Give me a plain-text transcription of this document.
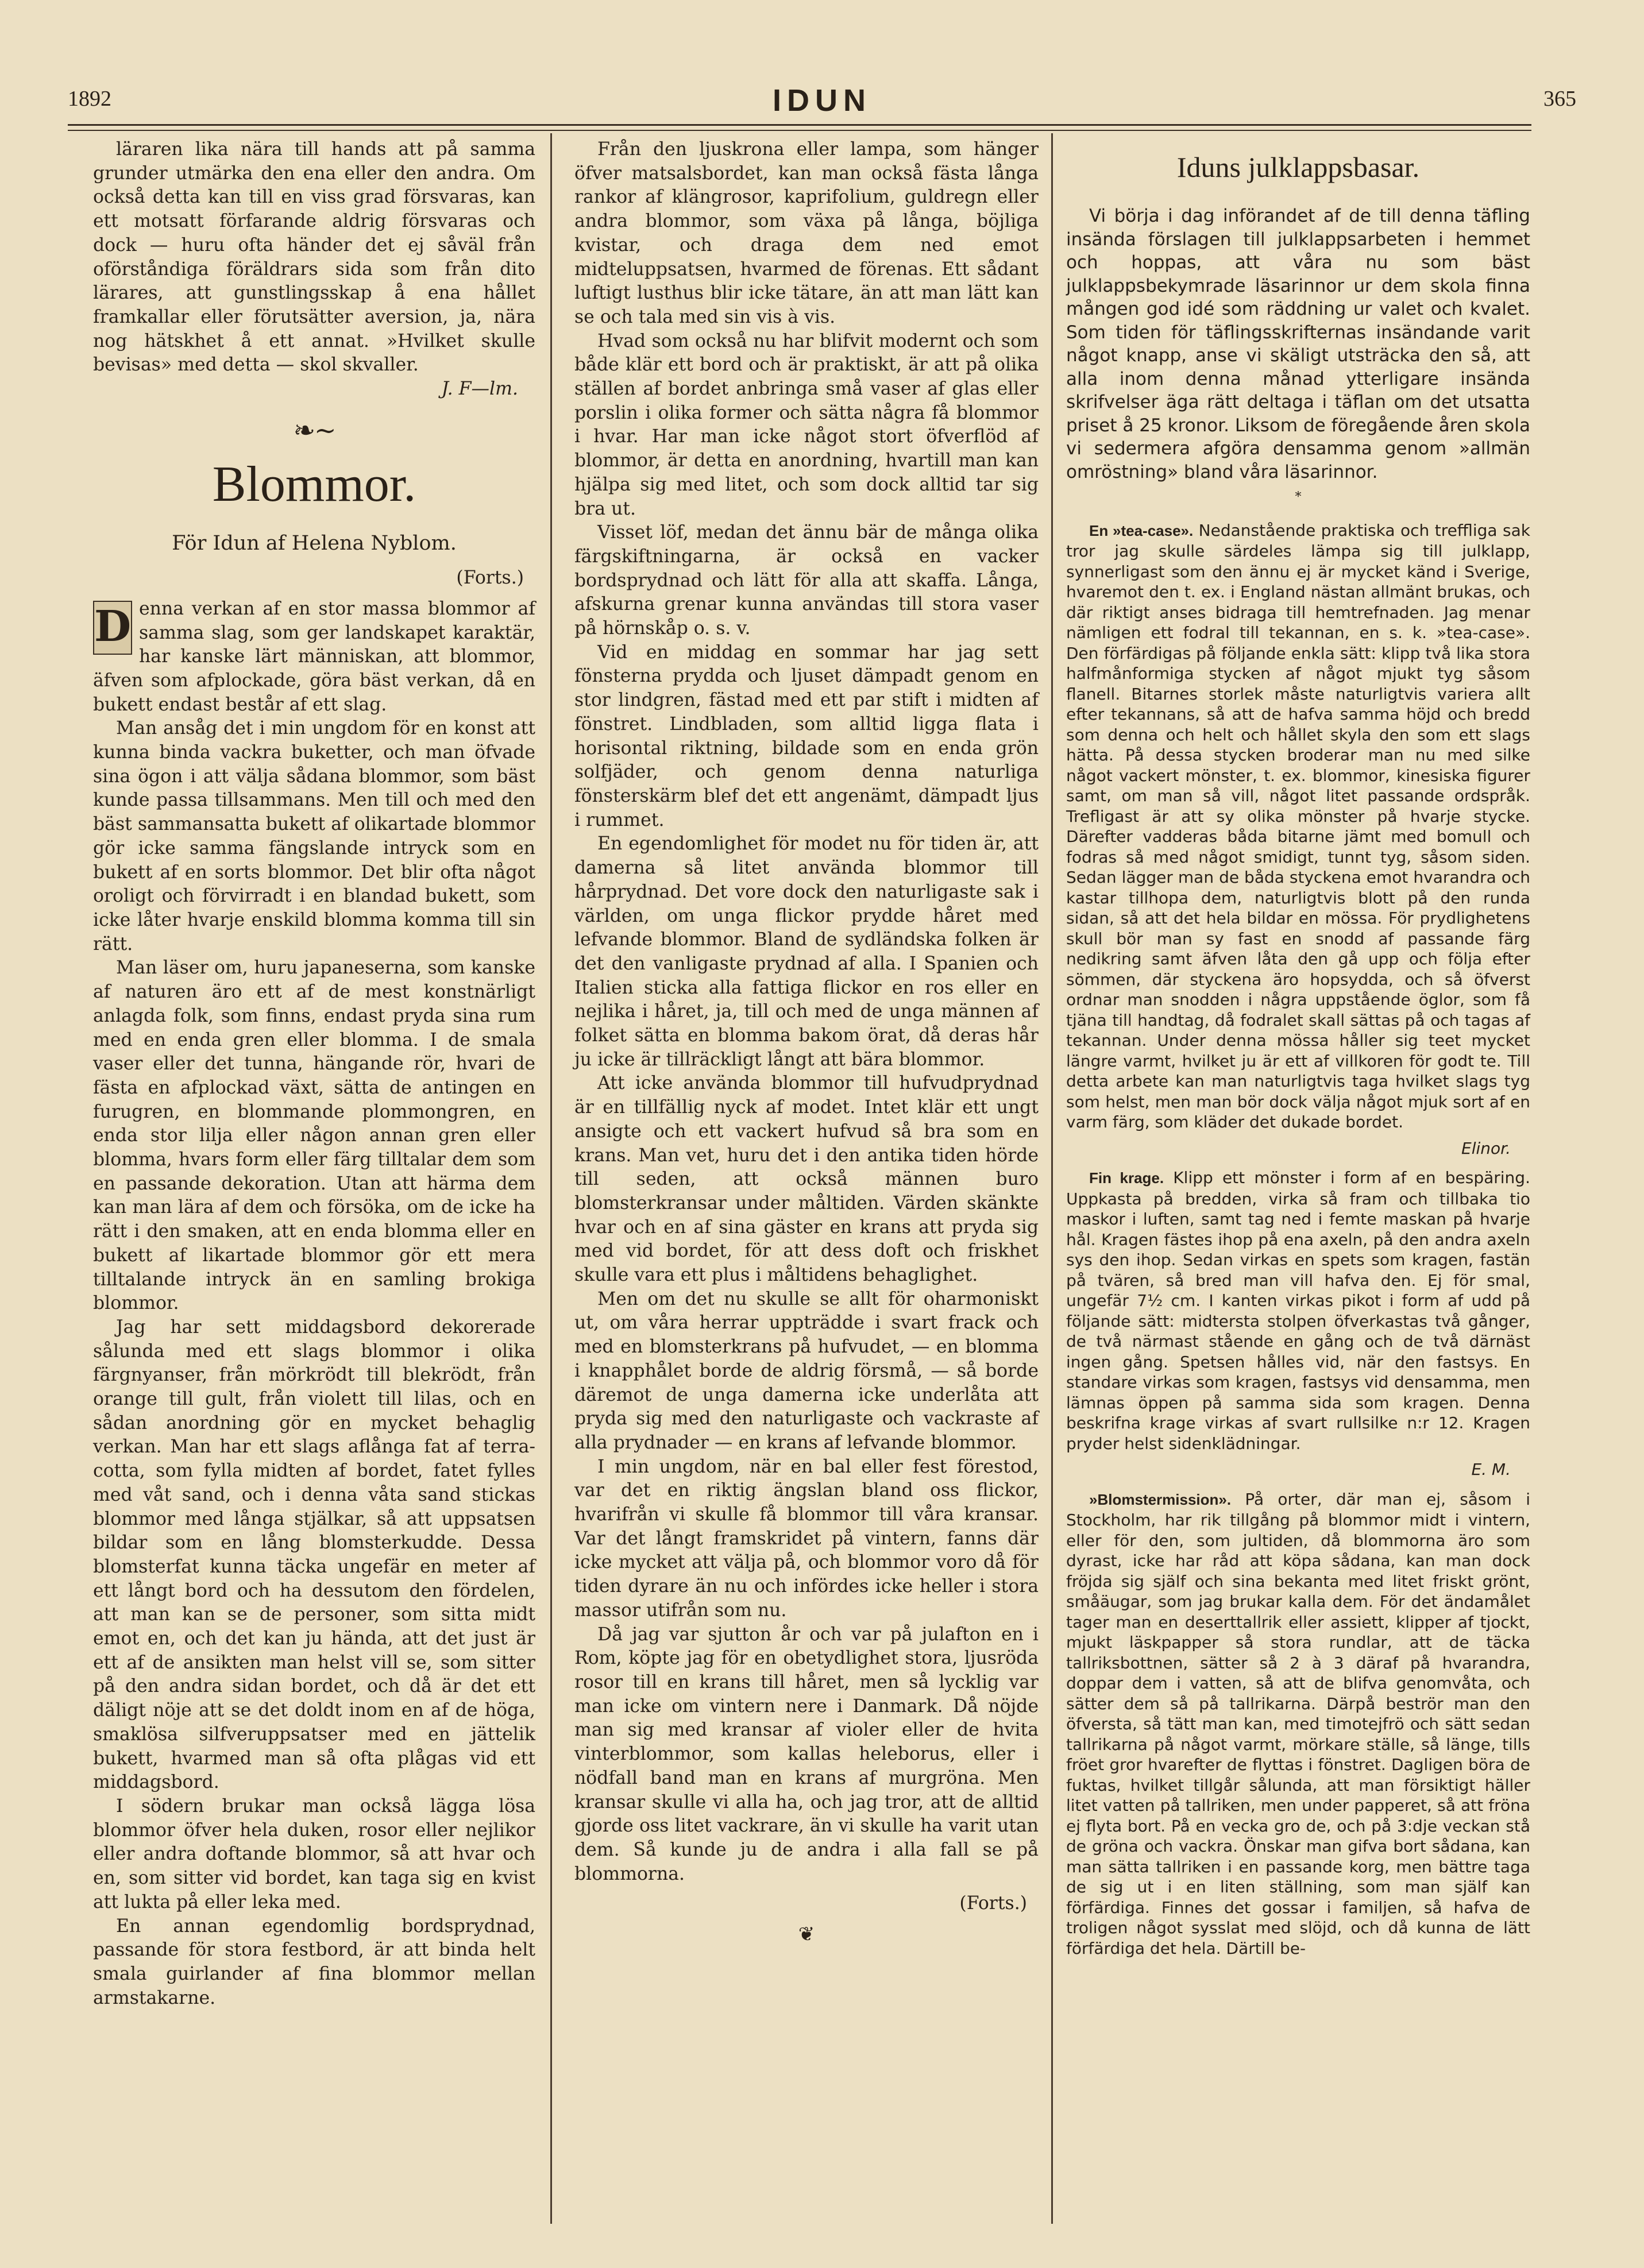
1892	IDUN	365

läraren lika nära till hands att på samma grunder utmärka den ena eller den andra. Om också detta kan till en viss grad försvaras, kan ett motsatt förfarande aldrig försvaras och dock — huru ofta händer det ej såväl från oförståndiga föräldrars sida som från dito lärares, att gunstlingsskap å ena hållet framkallar eller förutsätter aversion, ja, nära nog hätskhet å ett annat. »Hvilket skulle bevisas» med detta — skol skvaller.

J. F—lm.

❧~
Blommor.
För Idun af Helena Nyblom.
(Forts.)

D enna verkan af en stor massa blommor af samma slag, som ger landskapet karaktär, har kanske lärt människan, att blommor, äfven som afplockade, göra bäst verkan, då en bukett endast består af ett slag.

Man ansåg det i min ungdom för en konst att kunna binda vackra buketter, och man öfvade sina ögon i att välja sådana blommor, som bäst kunde passa tillsammans. Men till och med den bäst sammansatta bukett af olikartade blommor gör icke samma fängslande intryck som en bukett af en sorts blommor. Det blir ofta något oroligt och förvirradt i en blandad bukett, som icke låter hvarje enskild blomma komma till sin rätt.

Man läser om, huru japaneserna, som kanske af naturen äro ett af de mest konstnärligt anlagda folk, som finns, endast pryda sina rum med en enda gren eller blomma. I de smala vaser eller det tunna, hängande rör, hvari de fästa en afplockad växt, sätta de antingen en furugren, en blommande plommongren, en enda stor lilja eller någon annan gren eller blomma, hvars form eller färg tilltalar dem som en passande dekoration. Utan att härma dem kan man lära af dem och försöka, om de icke ha rätt i den smaken, att en enda blomma eller en bukett af likartade blommor gör ett mera tilltalande intryck än en samling brokiga blommor.

Jag har sett middagsbord dekorerade sålunda med ett slags blommor i olika färgnyanser, från mörkrödt till blekrödt, från orange till gult, från violett till lilas, och en sådan anordning gör en mycket behaglig verkan. Man har ett slags aflånga fat af terra-cotta, som fylla midten af bordet, fatet fylles med våt sand, och i denna våta sand stickas blommor med långa stjälkar, så att uppsatsen bildar som en lång blomsterkudde. Dessa blomsterfat kunna täcka ungefär en meter af ett långt bord och ha dessutom den fördelen, att man kan se de personer, som sitta midt emot en, och det kan ju hända, att det just är ett af de ansikten man helst vill se, som sitter på den andra sidan bordet, och då är det ett däligt nöje att se det doldt inom en af de höga, smaklösa silfveruppsatser med en jättelik bukett, hvarmed man så ofta plågas vid ett middagsbord.

I södern brukar man också lägga lösa blommor öfver hela duken, rosor eller nejlikor eller andra doftande blommor, så att hvar och en, som sitter vid bordet, kan taga sig en kvist att lukta på eller leka med.

En annan egendomlig bordsprydnad, passande för stora festbord, är att binda helt smala guirlander af fina blommor mellan armstakarne.

Från den ljuskrona eller lampa, som hänger öfver matsalsbordet, kan man också fästa långa rankor af klängrosor, kaprifolium, guldregn eller andra blommor, som växa på långa, böjliga kvistar, och draga dem ned emot midteluppsatsen, hvarmed de förenas. Ett sådant luftigt lusthus blir icke tätare, än att man lätt kan se och tala med sin vis à vis.

Hvad som också nu har blifvit modernt och som både klär ett bord och är praktiskt, är att på olika ställen af bordet anbringa små vaser af glas eller porslin i olika former och sätta några få blommor i hvar. Har man icke något stort öfverflöd af blommor, är detta en anordning, hvartill man kan hjälpa sig med litet, och som dock alltid tar sig bra ut.

Visset löf, medan det ännu bär de många olika färgskiftningarna, är också en vacker bordsprydnad och lätt för alla att skaffa. Långa, afskurna grenar kunna användas till stora vaser på hörnskåp o. s. v.

Vid en middag en sommar har jag sett fönsterna prydda och ljuset dämpadt genom en stor lindgren, fästad med ett par stift i midten af fönstret. Lindbladen, som alltid ligga flata i horisontal riktning, bildade som en enda grön solfjäder, och genom denna naturliga fönsterskärm blef det ett angenämt, dämpadt ljus i rummet.

En egendomlighet för modet nu för tiden är, att damerna så litet använda blommor till hårprydnad. Det vore dock den naturligaste sak i världen, om unga flickor prydde håret med lefvande blommor. Bland de sydländska folken är det den vanligaste prydnad af alla. I Spanien och Italien sticka alla fattiga flickor en ros eller en nejlika i håret, ja, till och med de unga männen af folket sätta en blomma bakom örat, då deras hår ju icke är tillräckligt långt att bära blommor.

Att icke använda blommor till hufvudprydnad är en tillfällig nyck af modet. Intet klär ett ungt ansigte och ett vackert hufvud så bra som en krans. Man vet, huru det i den antika tiden hörde till seden, att också männen buro blomsterkransar under måltiden. Värden skänkte hvar och en af sina gäster en krans att pryda sig med vid bordet, för att dess doft och friskhet skulle vara ett plus i måltidens behaglighet.

Men om det nu skulle se allt för oharmoniskt ut, om våra herrar uppträdde i svart frack och med en blomsterkrans på hufvudet, — en blomma i knapphålet borde de aldrig försmå, — så borde däremot de unga damerna icke underlåta att pryda sig med den naturligaste och vackraste af alla prydnader — en krans af lefvande blommor.

I min ungdom, när en bal eller fest förestod, var det en riktig ängslan bland oss flickor, hvarifrån vi skulle få blommor till våra kransar. Var det långt framskridet på vintern, fanns där icke mycket att välja på, och blommor voro då för tiden dyrare än nu och infördes icke heller i stora massor utifrån som nu.

Då jag var sjutton år och var på julafton en i Rom, köpte jag för en obetydlighet stora, ljusröda rosor till en krans till håret, men så lycklig var man icke om vintern nere i Danmark. Då nöjde man sig med kransar af violer eller de hvita vinterblommor, som kallas heleborus, eller i nödfall band man en krans af murgröna. Men kransar skulle vi alla ha, och jag tror, att de alltid gjorde oss litet vackrare, än vi skulle ha varit utan dem. Så kunde ju de andra i alla fall se på blommorna.

(Forts.)
❦
Iduns julklappsbasar.

Vi börja i dag införandet af de till denna täfling insända förslagen till julklappsarbeten i hemmet och hoppas, att våra nu som bäst julklappsbekymrade läsarinnor ur dem skola finna mången god idé som räddning ur valet och kvalet. Som tiden för täflingsskrifternas insändande varit något knapp, anse vi skäligt utsträcka den så, att alla inom denna månad ytterligare insända skrifvelser äga rätt deltaga i täflan om det utsatta priset å 25 kronor. Liksom de föregående åren skola vi sedermera afgöra densamma genom »allmän omröstning» bland våra läsarinnor.

*

En »tea-case». Nedanstående praktiska och treffliga sak tror jag skulle särdeles lämpa sig till julklapp, synnerligast som den ännu ej är mycket känd i Sverige, hvaremot den t. ex. i England nästan allmänt brukas, och där riktigt anses bidraga till hemtrefnaden. Jag menar nämligen ett fodral till tekannan, en s. k. »tea-case». Den förfärdigas på följande enkla sätt: klipp två lika stora halfmånformiga stycken af något mjukt tyg såsom flanell. Bitarnes storlek måste naturligtvis variera allt efter tekannans, så att de hafva samma höjd och bredd som denna och helt och hållet skyla den som ett slags hätta. På dessa stycken broderar man nu med silke något vackert mönster, t. ex. blommor, kinesiska figurer samt, om man så vill, något litet passande ordspråk. Trefligast är att sy olika mönster på hvarje stycke. Därefter vadderas båda bitarne jämt med bomull och fodras så med något smidigt, tunnt tyg, såsom siden. Sedan lägger man de båda styckena emot hvarandra och kastar tillhopa dem, naturligtvis blott på den runda sidan, så att det hela bildar en mössa. För prydlighetens skull bör man sy fast en snodd af passande färg nedikring samt äfven låta den gå upp och följa efter sömmen, där styckena äro hopsydda, och så öfverst ordnar man snodden i några uppstående öglor, som få tjäna till handtag, då fodralet skall sättas på och tagas af tekannan. Under denna mössa håller sig teet mycket längre varmt, hvilket ju är ett af villkoren för godt te. Till detta arbete kan man naturligtvis taga hvilket slags tyg som helst, men man bör dock välja något mjuk sort af en varm färg, som kläder det dukade bordet.

Elinor.

Fin krage. Klipp ett mönster i form af en bespäring. Uppkasta på bredden, virka så fram och tillbaka tio maskor i luften, samt tag ned i femte maskan på hvarje hål. Kragen fästes ihop på ena axeln, på den andra axeln sys den ihop. Sedan virkas en spets som kragen, fastän på tvären, så bred man vill hafva den. Ej för smal, ungefär 7½ cm. I kanten virkas pikot i form af udd på följande sätt: midtersta stolpen öfverkastas två gånger, de två närmast stående en gång och de två därnäst ingen gång. Spetsen hålles vid, när den fastsys. En standare virkas som kragen, fastsys vid densamma, men lämnas öppen på samma sida som kragen. Denna beskrifna krage virkas af svart rullsilke n:r 12. Kragen pryder helst sidenklädningar.

E. M.

»Blomstermission». På orter, där man ej, såsom i Stockholm, har rik tillgång på blommor midt i vintern, eller för den, som jultiden, då blommorna äro som dyrast, icke har råd att köpa sådana, kan man dock fröjda sig själf och sina bekanta med litet friskt grönt, småäugar, som jag brukar kalla dem. För det ändamålet tager man en deserttallrik eller assiett, klipper af tjockt, mjukt läskpapper så stora rundlar, att de täcka tallriksbottnen, sätter så 2 à 3 däraf på hvarandra, doppar dem i vatten, så att de blifva genomvåta, och sätter dem så på tallrikarna. Därpå beströr man den öfversta, så tätt man kan, med timotejfrö och sätt sedan tallrikarna på något varmt, mörkare ställe, så länge, tills fröet gror hvarefter de flyttas i fönstret. Dagligen böra de fuktas, hvilket tillgår sålunda, att man försiktigt häller litet vatten på tallriken, men under papperet, så att fröna ej flyta bort. På en vecka gro de, och på 3:dje veckan stå de gröna och vackra. Önskar man gifva bort sådana, kan man sätta tallriken i en passande korg, men bättre taga de sig ut i en liten ställning, som man själf kan förfärdiga. Finnes det gossar i familjen, så hafva de troligen något sysslat med slöjd, och då kunna de lätt förfärdiga det hela. Därtill be-
